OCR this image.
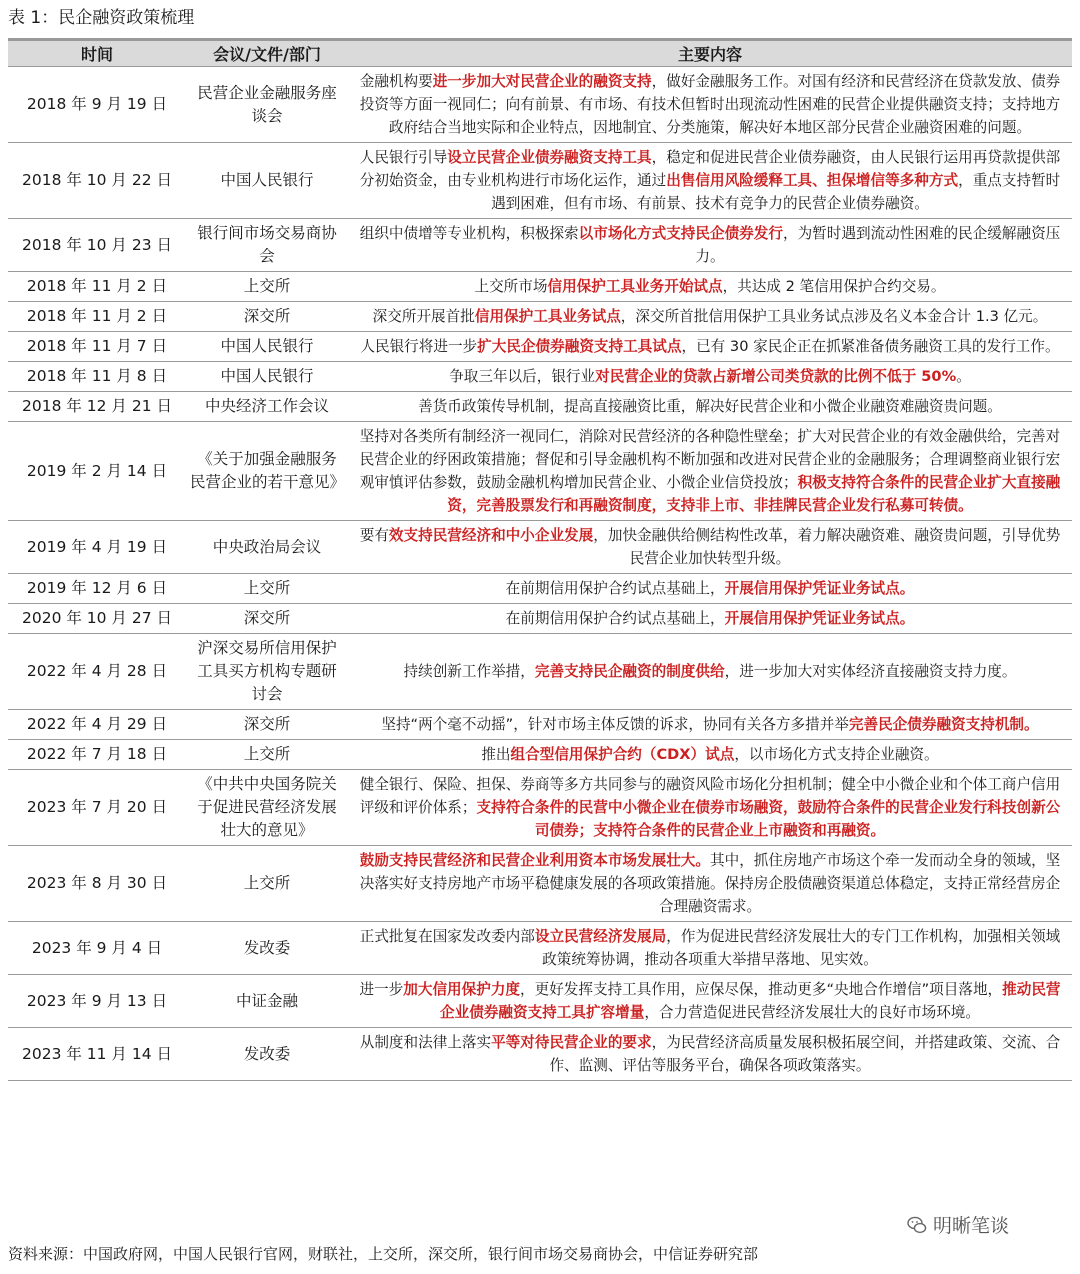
表 1：民企融资政策梳理
时间	会议/文件/部门	主要内容
2018 年 9 月 19 日	民营企业金融服务座谈会	金融机构要进一步加大对民营企业的融资支持，做好金融服务工作。对国有经济和民营经济在贷款发放、债券投资等方面一视同仁；向有前景、有市场、有技术但暂时出现流动性困难的民营企业提供融资支持；支持地方政府结合当地实际和企业特点，因地制宜、分类施策，解决好本地区部分民营企业融资困难的问题。
2018 年 10 月 22 日	中国人民银行	人民银行引导设立民营企业债券融资支持工具，稳定和促进民营企业债券融资，由人民银行运用再贷款提供部分初始资金，由专业机构进行市场化运作，通过出售信用风险缓释工具、担保增信等多种方式，重点支持暂时遇到困难，但有市场、有前景、技术有竞争力的民营企业债券融资。
2018 年 10 月 23 日	银行间市场交易商协会	组织中债增等专业机构，积极探索以市场化方式支持民企债券发行，为暂时遇到流动性困难的民企缓解融资压力。
2018 年 11 月 2 日	上交所	上交所市场信用保护工具业务开始试点，共达成 2 笔信用保护合约交易。
2018 年 11 月 2 日	深交所	深交所开展首批信用保护工具业务试点，深交所首批信用保护工具业务试点涉及名义本金合计 1.3 亿元。
2018 年 11 月 7 日	中国人民银行	人民银行将进一步扩大民企债券融资支持工具试点，已有 30 家民企正在抓紧准备债务融资工具的发行工作。
2018 年 11 月 8 日	中国人民银行	争取三年以后，银行业对民营企业的贷款占新增公司类贷款的比例不低于 50%。
2018 年 12 月 21 日	中央经济工作会议	善货币政策传导机制，提高直接融资比重，解决好民营企业和小微企业融资难融资贵问题。
2019 年 2 月 14 日	《关于加强金融服务民营企业的若干意见》	坚持对各类所有制经济一视同仁，消除对民营经济的各种隐性壁垒；扩大对民营企业的有效金融供给，完善对民营企业的纾困政策措施；督促和引导金融机构不断加强和改进对民营企业的金融服务；合理调整商业银行宏观审慎评估参数，鼓励金融机构增加民营企业、小微企业信贷投放；积极支持符合条件的民营企业扩大直接融资，完善股票发行和再融资制度，支持非上市、非挂牌民营企业发行私募可转债。
2019 年 4 月 19 日	中央政治局会议	要有效支持民营经济和中小企业发展，加快金融供给侧结构性改革，着力解决融资难、融资贵问题，引导优势民营企业加快转型升级。
2019 年 12 月 6 日	上交所	在前期信用保护合约试点基础上，开展信用保护凭证业务试点。
2020 年 10 月 27 日	深交所	在前期信用保护合约试点基础上，开展信用保护凭证业务试点。
2022 年 4 月 28 日	沪深交易所信用保护工具买方机构专题研讨会	持续创新工作举措，完善支持民企融资的制度供给，进一步加大对实体经济直接融资支持力度。
2022 年 4 月 29 日	深交所	坚持“两个毫不动摇”，针对市场主体反馈的诉求，协同有关各方多措并举完善民企债券融资支持机制。
2022 年 7 月 18 日	上交所	推出组合型信用保护合约（CDX）试点，以市场化方式支持企业融资。
2023 年 7 月 20 日	《中共中央国务院关于促进民营经济发展壮大的意见》	健全银行、保险、担保、券商等多方共同参与的融资风险市场化分担机制；健全中小微企业和个体工商户信用评级和评价体系；支持符合条件的民营中小微企业在债券市场融资，鼓励符合条件的民营企业发行科技创新公司债券；支持符合条件的民营企业上市融资和再融资。
2023 年 8 月 30 日	上交所	鼓励支持民营经济和民营企业利用资本市场发展壮大。其中，抓住房地产市场这个牵一发而动全身的领域，坚决落实好支持房地产市场平稳健康发展的各项政策措施。保持房企股债融资渠道总体稳定，支持正常经营房企合理融资需求。
2023 年 9 月 4 日	发改委	正式批复在国家发改委内部设立民营经济发展局，作为促进民营经济发展壮大的专门工作机构，加强相关领域政策统筹协调，推动各项重大举措早落地、见实效。
2023 年 9 月 13 日	中证金融	进一步加大信用保护力度，更好发挥支持工具作用，应保尽保，推动更多“央地合作增信”项目落地，推动民营企业债券融资支持工具扩容增量，合力营造促进民营经济发展壮大的良好市场环境。
2023 年 11 月 14 日	发改委	从制度和法律上落实平等对待民营企业的要求，为民营经济高质量发展积极拓展空间，并搭建政策、交流、合作、监测、评估等服务平台，确保各项政策落实。
资料来源：中国政府网，中国人民银行官网，财联社，上交所，深交所，银行间市场交易商协会，中信证券研究部
明晰笔谈
